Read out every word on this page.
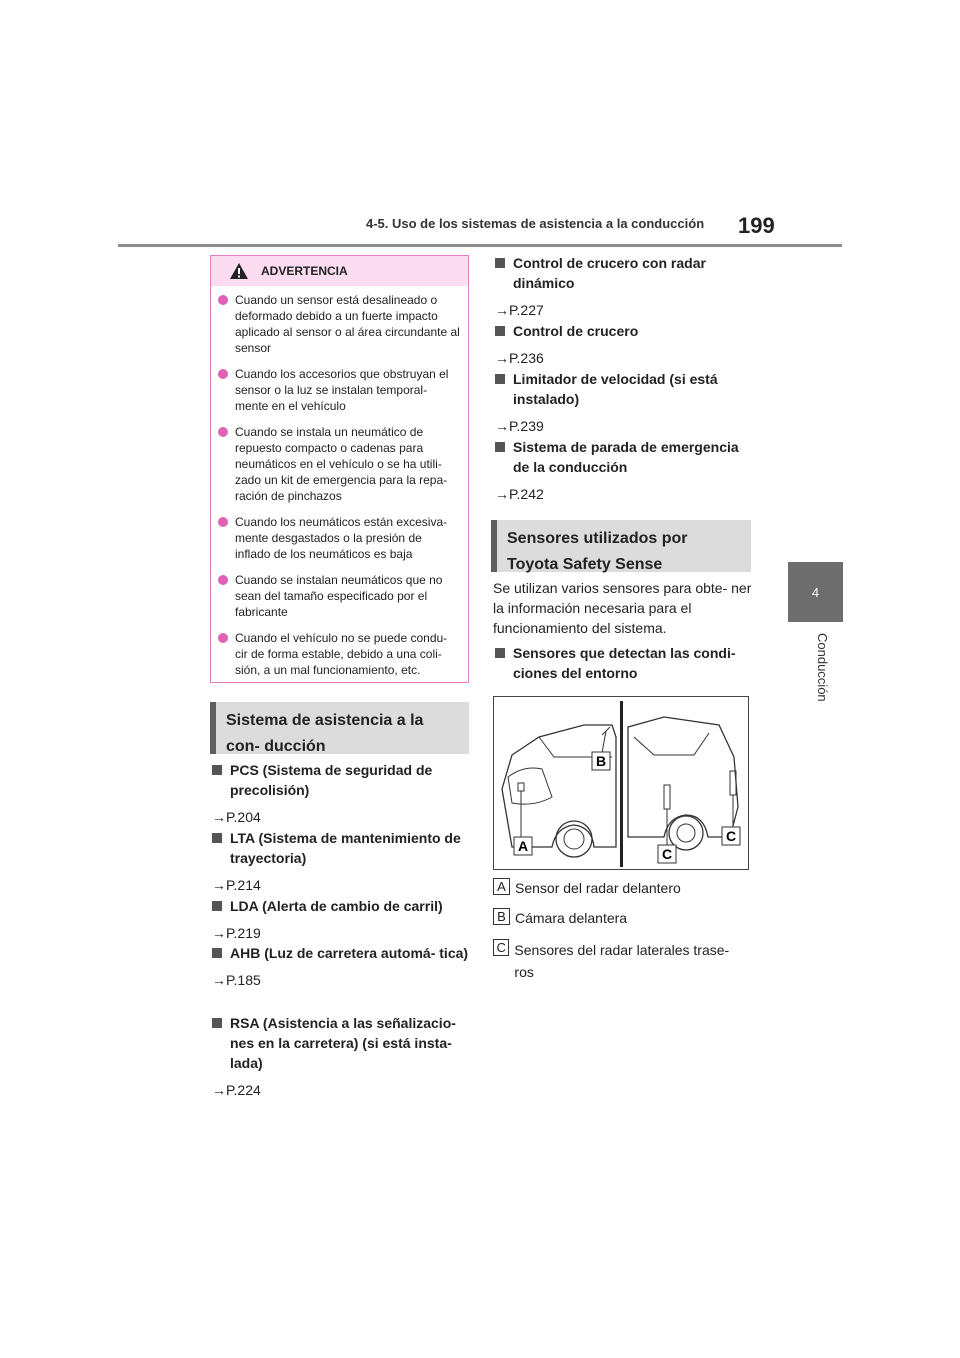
4-5. Uso de los sistemas de asistencia a la conducción 199
4
Conducción
ADVERTENCIA
Cuando un sensor está desalineado o deformado debido a un fuerte impacto aplicado al sensor o al área circundante al sensor
Cuando los accesorios que obstruyan el sensor o la luz se instalan temporal- mente en el vehículo
Cuando se instala un neumático de repuesto compacto o cadenas para neumáticos en el vehículo o se ha utili- zado un kit de emergencia para la repa- ración de pinchazos
Cuando los neumáticos están excesiva- mente desgastados o la presión de inflado de los neumáticos es baja
Cuando se instalan neumáticos que no sean del tamaño especificado por el fabricante
Cuando el vehículo no se puede condu- cir de forma estable, debido a una coli- sión, a un mal funcionamiento, etc.
Sistema de asistencia a la con- ducción
PCS (Sistema de seguridad de precolisión)
→P.204
LTA (Sistema de mantenimiento de trayectoria)
→P.214
LDA (Alerta de cambio de carril)
→P.219
AHB (Luz de carretera automá- tica)
→P.185
RSA (Asistencia a las señalizacio- nes en la carretera) (si está insta- lada)
→P.224
Control de crucero con radar dinámico
→P.227
Control de crucero
→P.236
Limitador de velocidad (si está instalado)
→P.239
Sistema de parada de emergencia de la conducción
→P.242
Sensores utilizados por Toyota Safety Sense
Se utilizan varios sensores para obte- ner la información necesaria para el funcionamiento del sistema.
Sensores que detectan las condi- ciones del entorno
A
B
C
C
A Sensor del radar delantero
B Cámara delantera
C Sensores del radar laterales trase- ros
